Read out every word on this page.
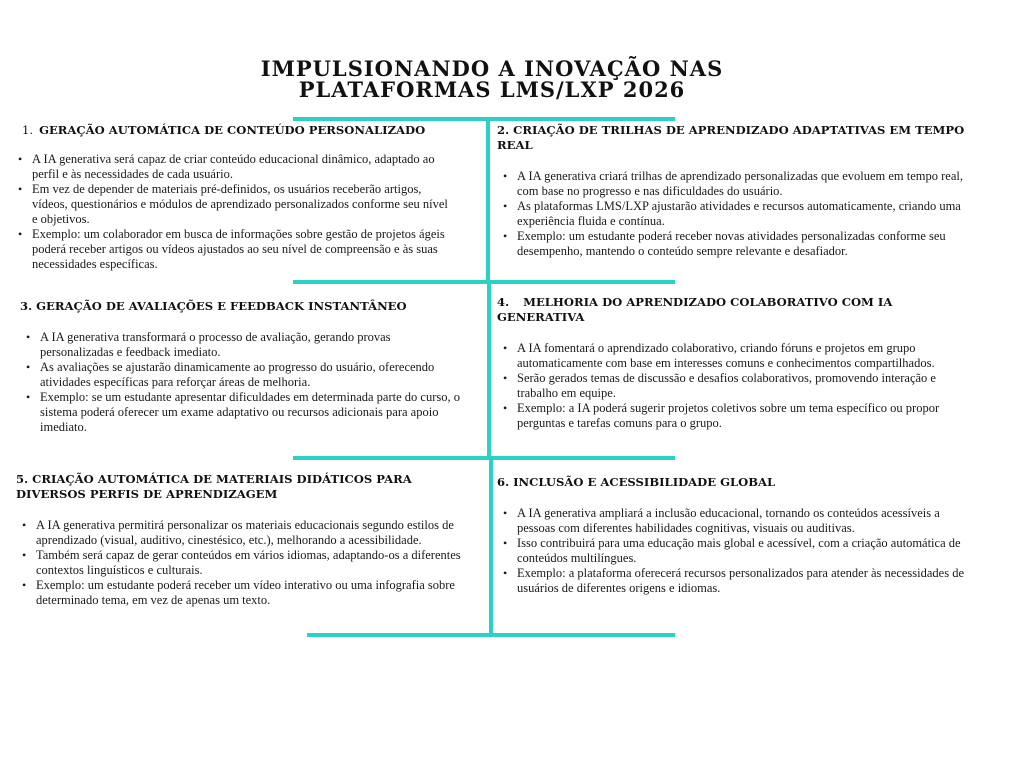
IMPULSIONANDO A INOVAÇÃO NAS
PLATAFORMAS LMS/LXP 2026
1. GERAÇÃO AUTOMÁTICA DE CONTEÚDO PERSONALIZADO
• A IA generativa será capaz de criar conteúdo educacional dinâmico, adaptado ao perfil e às necessidades de cada usuário.
• Em vez de depender de materiais pré-definidos, os usuários receberão artigos, vídeos, questionários e módulos de aprendizado personalizados conforme seu nível e objetivos.
• Exemplo: um colaborador em busca de informações sobre gestão de projetos ágeis poderá receber artigos ou vídeos ajustados ao seu nível de compreensão e às suas necessidades específicas.
2. CRIAÇÃO DE TRILHAS DE APRENDIZADO ADAPTATIVAS EM TEMPO REAL
• A IA generativa criará trilhas de aprendizado personalizadas que evoluem em tempo real, com base no progresso e nas dificuldades do usuário.
• As plataformas LMS/LXP ajustarão atividades e recursos automaticamente, criando uma experiência fluida e contínua.
• Exemplo: um estudante poderá receber novas atividades personalizadas conforme seu desempenho, mantendo o conteúdo sempre relevante e desafiador.
3. GERAÇÃO DE AVALIAÇÕES E FEEDBACK INSTANTÂNEO
• A IA generativa transformará o processo de avaliação, gerando provas personalizadas e feedback imediato.
• As avaliações se ajustarão dinamicamente ao progresso do usuário, oferecendo atividades específicas para reforçar áreas de melhoria.
• Exemplo: se um estudante apresentar dificuldades em determinada parte do curso, o sistema poderá oferecer um exame adaptativo ou recursos adicionais para apoio imediato.
4. MELHORIA DO APRENDIZADO COLABORATIVO COM IA GENERATIVA
• A IA fomentará o aprendizado colaborativo, criando fóruns e projetos em grupo automaticamente com base em interesses comuns e conhecimentos compartilhados.
• Serão gerados temas de discussão e desafios colaborativos, promovendo interação e trabalho em equipe.
• Exemplo: a IA poderá sugerir projetos coletivos sobre um tema específico ou propor perguntas e tarefas comuns para o grupo.
5. CRIAÇÃO AUTOMÁTICA DE MATERIAIS DIDÁTICOS PARA DIVERSOS PERFIS DE APRENDIZAGEM
• A IA generativa permitirá personalizar os materiais educacionais segundo estilos de aprendizado (visual, auditivo, cinestésico, etc.), melhorando a acessibilidade.
• Também será capaz de gerar conteúdos em vários idiomas, adaptando-os a diferentes contextos linguísticos e culturais.
• Exemplo: um estudante poderá receber um vídeo interativo ou uma infografia sobre determinado tema, em vez de apenas um texto.
6. INCLUSÃO E ACESSIBILIDADE GLOBAL
• A IA generativa ampliará a inclusão educacional, tornando os conteúdos acessíveis a pessoas com diferentes habilidades cognitivas, visuais ou auditivas.
• Isso contribuirá para uma educação mais global e acessível, com a criação automática de conteúdos multilíngues.
• Exemplo: a plataforma oferecerá recursos personalizados para atender às necessidades de usuários de diferentes origens e idiomas.
